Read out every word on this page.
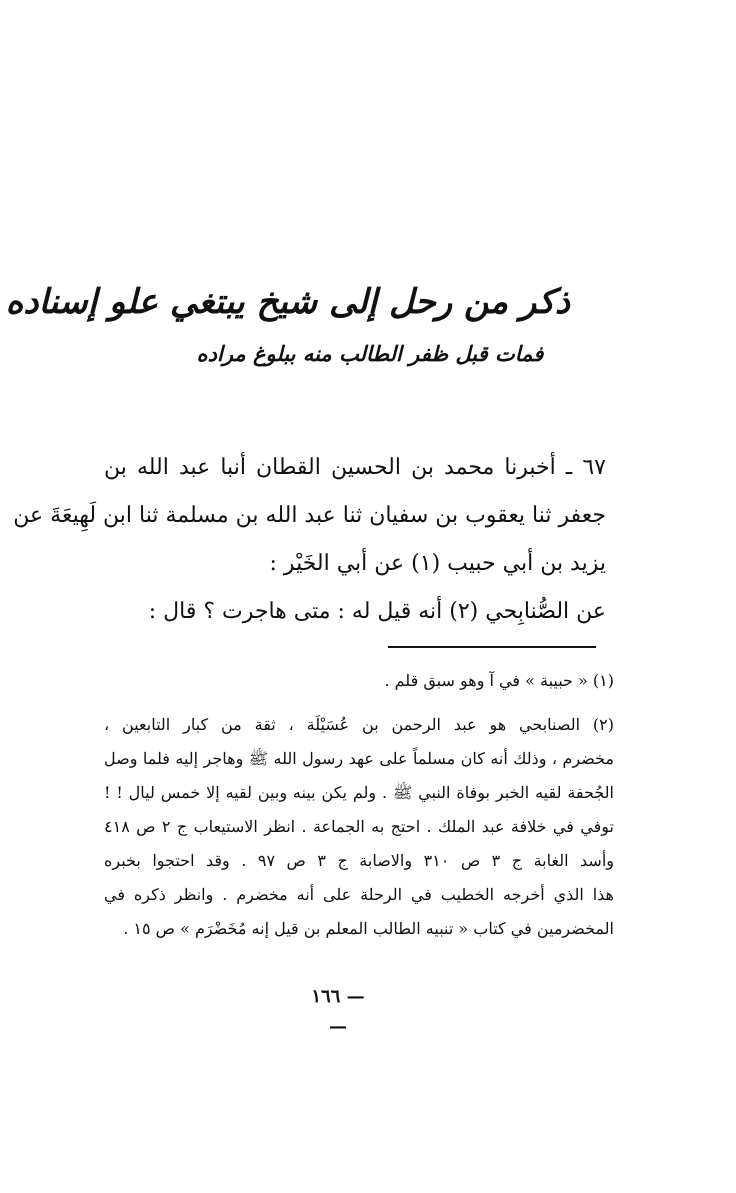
ذكر من رحل إلى شيخ يبتغي علو إسناده
فمات قبل ظفر الطالب منه ببلوغ مراده
٦٧ ـ أخبرنا محمد بن الحسين القطان أنبا عبد الله بن
جعفر ثنا يعقوب بن سفيان ثنا عبد الله بن مسلمة ثنا ابن لَهِيعَةَ عن
يزيد بن أبي حبيب (١) عن أبي الخَيْر :
عن الصُّنابِحي (٢) أنه قيل له : متى هاجرت ؟ قال :
(١) « حبيبة » في آ وهو سبق قلم .
(٢) الصنابحي هو عبد الرحمن بن عُسَيْلَة ، ثقة من كبار التابعين ،
مخضرم ، وذلك أنه كان مسلماً على عهد رسول الله ﷺ وهاجر إليه فلما وصل
الجُحفة لقيه الخبر بوفاة النبي ﷺ . ولم يكن بينه وبين لقيه إلا خمس ليال ! !
توفي في خلافة عبد الملك . احتج به الجماعة . انظر الاستيعاب ج ٢ ص ٤١٨
وأسد الغابة ج ٣ ص ٣١٠ والاصابة ج ٣ ص ٩٧ . وقد احتجوا بخبره
هذا الذي أخرجه الخطيب في الرحلة على أنه مخضرم . وانظر ذكره في
المخضرمين في كتاب « تنبيه الطالب المعلم بن قيل إنه مُخَضْرَم » ص ١٥ .
— ١٦٦ —
